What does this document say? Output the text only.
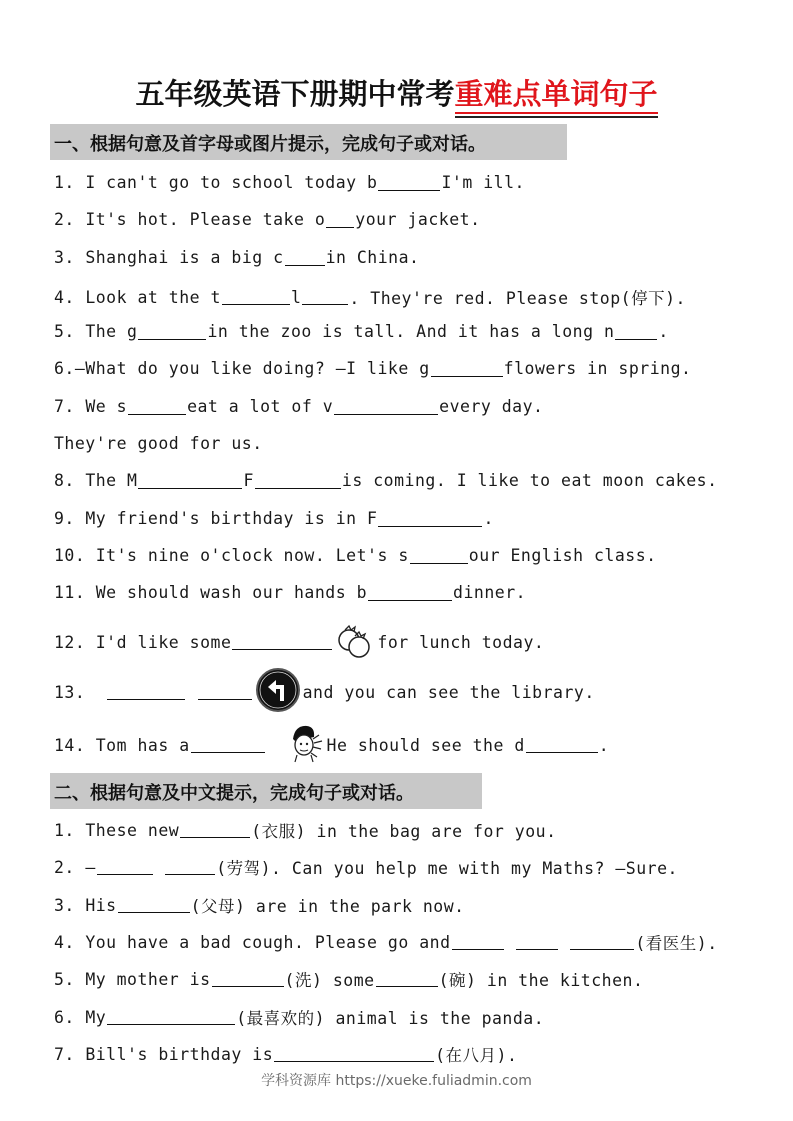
五年级英语下册期中常考重难点单词句子
一、根据句意及首字母或图片提示，完成句子或对话。
1.
I can't go to school today b	I'm ill.
2.
It's hot. Please take o your jacket.
3.
Shanghai is a big c	in China.
4.
Look at the t	l	. They're red. Please stop(停下).
5.
The g	in the zoo is tall. And it has a long n	.
6. —What do you like doing? —I like g	flowers in spring.
7.
We s	eat a lot of v	every day.
They're good for us.
8.
The M	F	is coming. I like to eat moon cakes.
9.
My friend's birthday is in F	.
10.
It's nine o'clock now. Let's s	our English class.
11.
We should wash our hands b	dinner.
12.
I'd like some	for lunch today.
13.

	and you can see the library.
14.
Tom has a
	He should see the d	.
二、根据句意及中文提示，完成句子或对话。
1.
These new	(衣服) in the bag are for you.
2.
—
	(劳驾). Can you help me with my Maths? —Sure.
3.
His	(父母) are in the park now.
4.
You have a bad cough. Please go and

	(看医生).
5.
My mother is	(洗) some	(碗) in the kitchen.
6.
My	(最喜欢的) animal is the panda.
7.
Bill's birthday is	(在八月).
学科资源库 https://xueke.fuliadmin.com
